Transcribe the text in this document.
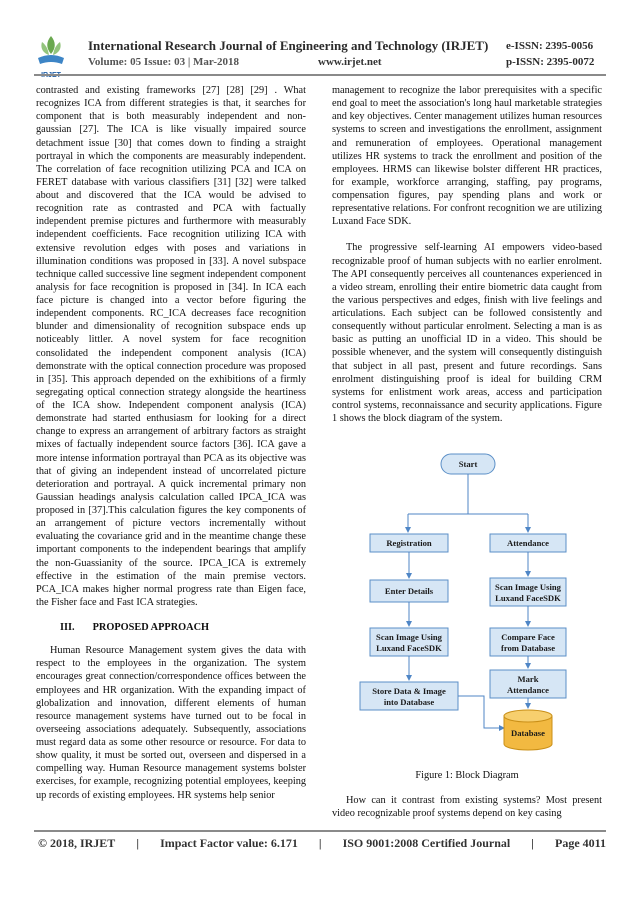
International Research Journal of Engineering and Technology (IRJET) e-ISSN: 2395-0056
Volume: 05 Issue: 03 | Mar-2018	www.irjet.net	p-ISSN: 2395-0072

contrasted and existing frameworks [27] [28] [29] . What recognizes ICA from different strategies is that, it searches for component that is both measurably independent and non-gaussian [27]. The ICA is like visually impaired source detachment issue [30] that comes down to finding a straight portrayal in which the components are measurably independent. The correlation of face recognition utilizing PCA and ICA on FERET database with various classifiers [31] [32] were talked about and discovered that the ICA would be advised to recognition rate as contrasted and PCA with factually independent premise pictures and furthermore with measurably independent coefficients. Face recognition utilizing ICA with extensive revolution edges with poses and variations in illumination conditions was proposed in [33]. A novel subspace technique called successive line segment independent component analysis for face recognition is proposed in [34]. In ICA each face picture is changed into a vector before figuring the independent components. RC_ICA decreases face recognition blunder and dimensionality of recognition subspace ends up noticeably littler. A novel system for face recognition consolidated the independent component analysis (ICA) demonstrate with the optical connection procedure was proposed in [35]. This approach depended on the exhibitions of a firmly segregating optical connection strategy alongside the heartiness of the ICA show. Independent component analysis (ICA) demonstrate had started enthusiasm for looking for a direct change to express an arrangement of arbitrary factors as straight mixes of factually independent source factors [36]. ICA gave a more intense information portrayal than PCA as its objective was that of giving an independent instead of uncorrelated picture deterioration and portrayal. A quick incremental primary non Gaussian headings analysis calculation called IPCA_ICA was proposed in [37].This calculation figures the key components of an arrangement of picture vectors incrementally without evaluating the covariance grid and in the meantime change these important components to the independent bearings that amplify the non-Guassianity of the source. IPCA_ICA is extremely effective in the estimation of the main premise vectors. PCA_ICA makes higher normal progress rate than Eigen face, the Fisher face and Fast ICA strategies.

III. PROPOSED APPROACH

Human Resource Management system gives the data with respect to the employees in the organization. The system encourages great connection/correspondence offices between the employees and HR organization. With the expanding impact of globalization and innovation, different elements of human resource management systems have turned out to be focal in overseeing associations adequately. Subsequently, associations must regard data as some other resource or resource. For data to show quality, it must be sorted out, overseen and dispersed in a compelling way. Human Resource management systems bolster exercises, for example, recognizing potential employees, keeping up records of existing employees. HR systems help senior

management to recognize the labor prerequisites with a specific end goal to meet the association's long haul marketable strategies and key objectives. Center management utilizes human resources systems to screen and investigations the enrollment, assignment and remuneration of employees. Operational management utilizes HR systems to track the enrollment and position of the employees. HRMS can likewise bolster different HR practices, for example, workforce arranging, staffing, pay programs, compensation figures, pay spending plans and work or representative relations. For confront recognition we are utilizing Luxand Face SDK.

The progressive self-learning AI empowers video-based recognizable proof of human subjects with no earlier enrolment. The API consequently perceives all countenances experienced in a video stream, enrolling their entire biometric data caught from the various perspectives and edges, finish with live feelings and articulations. Each subject can be followed consistently and consequently without particular enrolment. Selecting a man is as basic as putting an unofficial ID in a video. This should be possible whenever, and the system will consequently distinguish that subject in all past, present and future recordings. Sans enrolment distinguishing proof is ideal for building CRM systems for enlistment work areas, access and participation control systems, reconnaissance and security applications. Figure 1 shows the block diagram of the system.

Start
Registration	Attendance
Enter Details	Scan Image Using
Luxand FaceSDK
Scan Image Using
Luxand FaceSDK
Compare Face
from Database
Mark
Attendance
Store Data & Image
into Database
Database
Figure 1: Block Diagram
How can it contrast from existing systems? Most present video recognizable proof systems depend on key casing
© 2018, IRJET | Impact Factor value: 6.171 | ISO 9001:2008 Certified Journal | Page 4011
